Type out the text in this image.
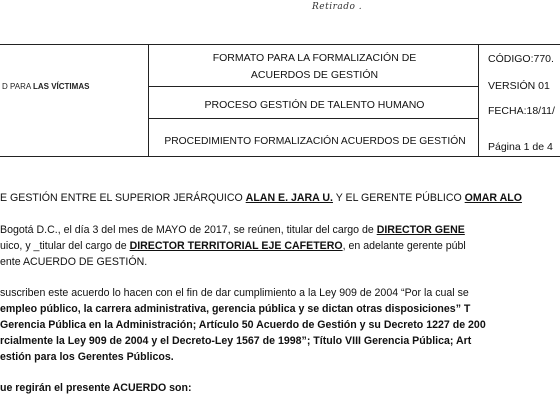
Retirado .
D PARA LAS VÍCTIMAS
FORMATO PARA LA FORMALIZACIÓN DE
ACUERDOS DE GESTIÓN
PROCESO GESTIÓN DE TALENTO HUMANO
PROCEDIMIENTO FORMALIZACIÓN ACUERDOS DE GESTIÓN
CÓDIGO:770.
VERSIÓN 01
FECHA:18/11/
Página 1 de 4
E GESTIÓN ENTRE EL SUPERIOR JERÁRQUICO ALAN E. JARA U. Y EL GERENTE PÚBLICO OMAR ALO
Bogotá D.C., el día 3 del mes de MAYO de 2017, se reúnen, titular del cargo de DIRECTOR GENE
uico, y _titular del cargo de DIRECTOR TERRITORIAL EJE CAFETERO, en adelante gerente públ
ente ACUERDO DE GESTIÓN.
suscriben este acuerdo lo hacen con el fin de dar cumplimiento a la Ley 909 de 2004 “Por la cual se
empleo público, la carrera administrativa, gerencia pública y se dictan otras disposiciones” T
Gerencia Pública en la Administración; Artículo 50 Acuerdo de Gestión y su Decreto 1227 de 200
rcialmente la Ley 909 de 2004 y el Decreto-Ley 1567 de 1998”; Título VIII Gerencia Pública; Art
estión para los Gerentes Públicos.
ue regirán el presente ACUERDO son:
